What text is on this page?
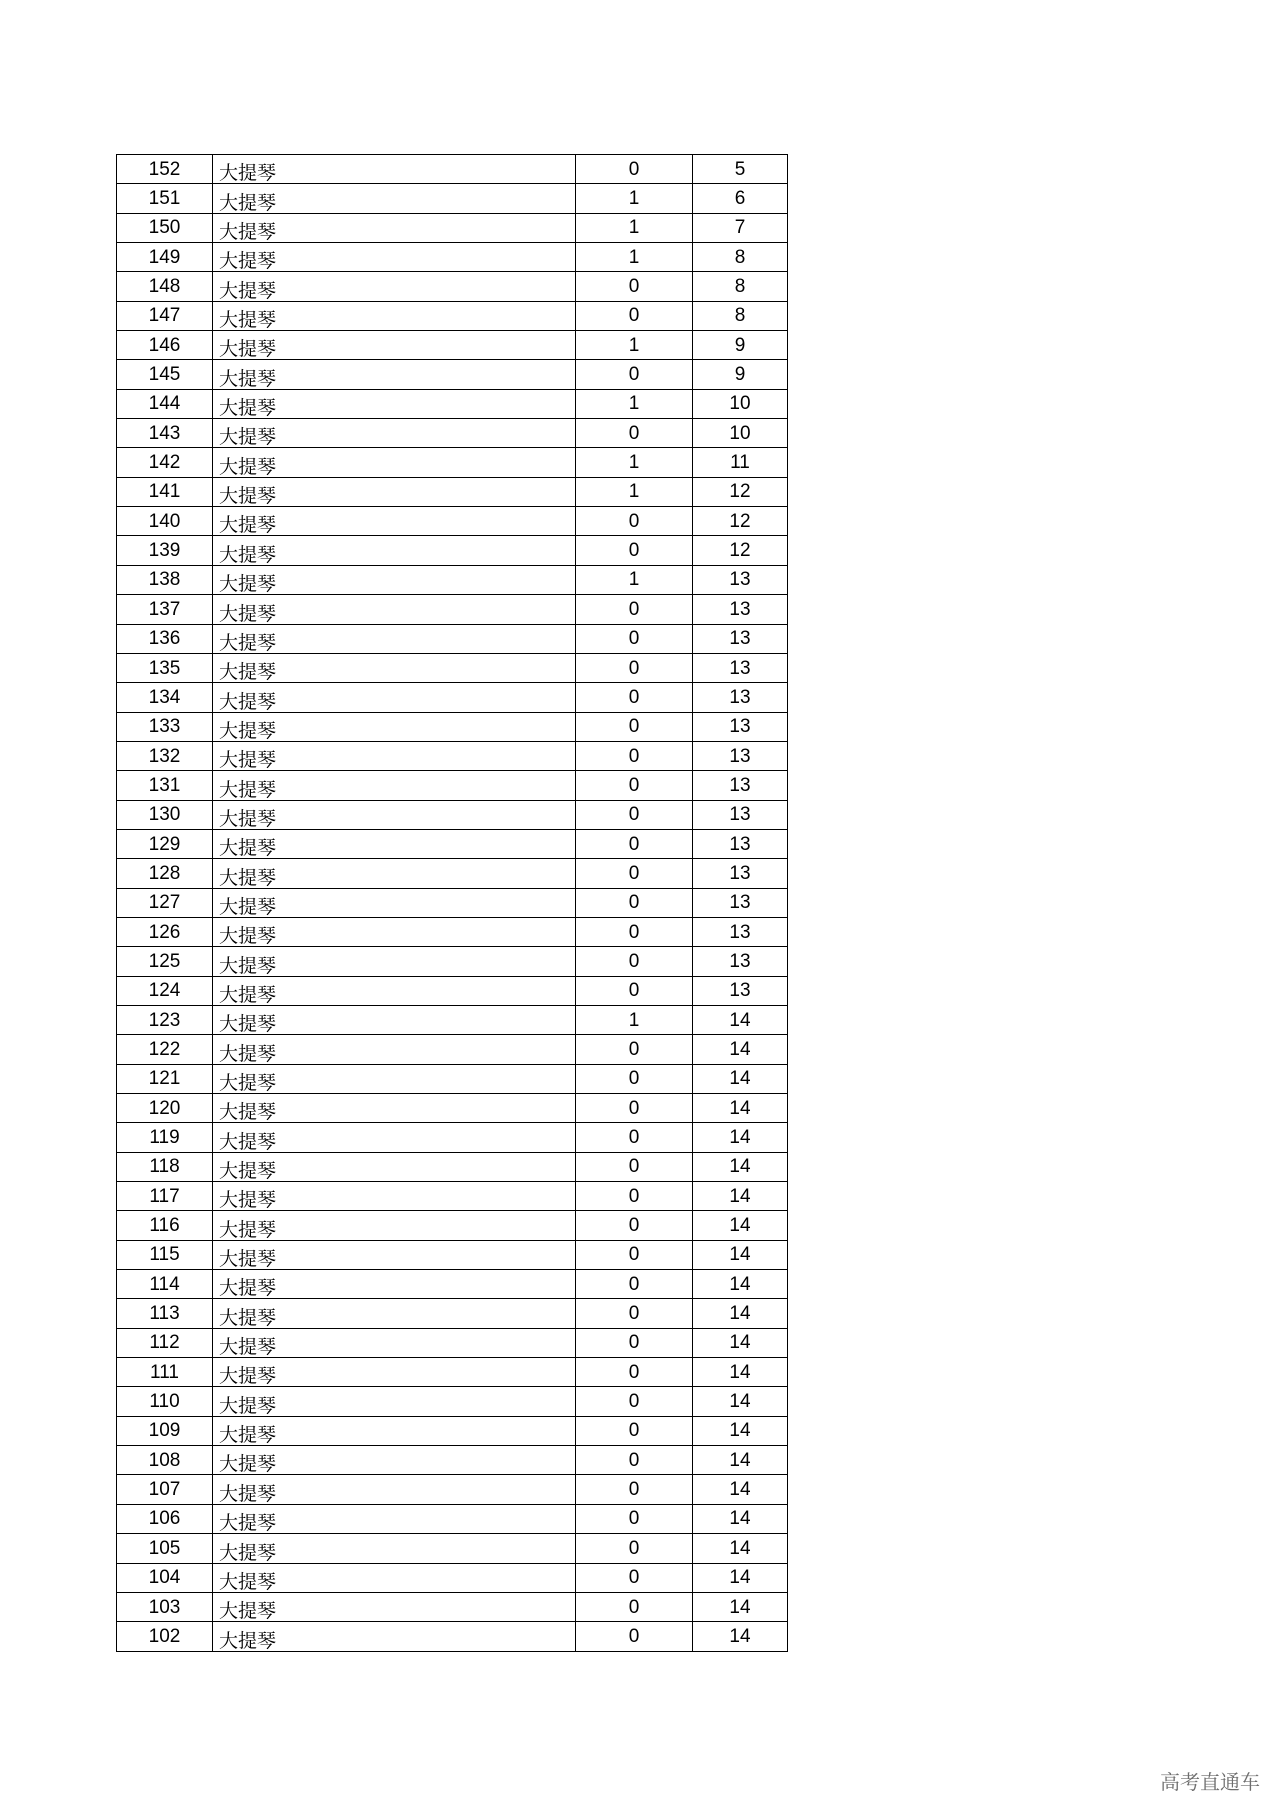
152	大提琴	0	5
151	大提琴	1	6
150	大提琴	1	7
149	大提琴	1	8
148	大提琴	0	8
147	大提琴	0	8
146	大提琴	1	9
145	大提琴	0	9
144	大提琴	1	10
143	大提琴	0	10
142	大提琴	1	11
141	大提琴	1	12
140	大提琴	0	12
139	大提琴	0	12
138	大提琴	1	13
137	大提琴	0	13
136	大提琴	0	13
135	大提琴	0	13
134	大提琴	0	13
133	大提琴	0	13
132	大提琴	0	13
131	大提琴	0	13
130	大提琴	0	13
129	大提琴	0	13
128	大提琴	0	13
127	大提琴	0	13
126	大提琴	0	13
125	大提琴	0	13
124	大提琴	0	13
123	大提琴	1	14
122	大提琴	0	14
121	大提琴	0	14
120	大提琴	0	14
119	大提琴	0	14
118	大提琴	0	14
117	大提琴	0	14
116	大提琴	0	14
115	大提琴	0	14
114	大提琴	0	14
113	大提琴	0	14
112	大提琴	0	14
111	大提琴	0	14
110	大提琴	0	14
109	大提琴	0	14
108	大提琴	0	14
107	大提琴	0	14
106	大提琴	0	14
105	大提琴	0	14
104	大提琴	0	14
103	大提琴	0	14
102	大提琴	0	14
高考直通车
